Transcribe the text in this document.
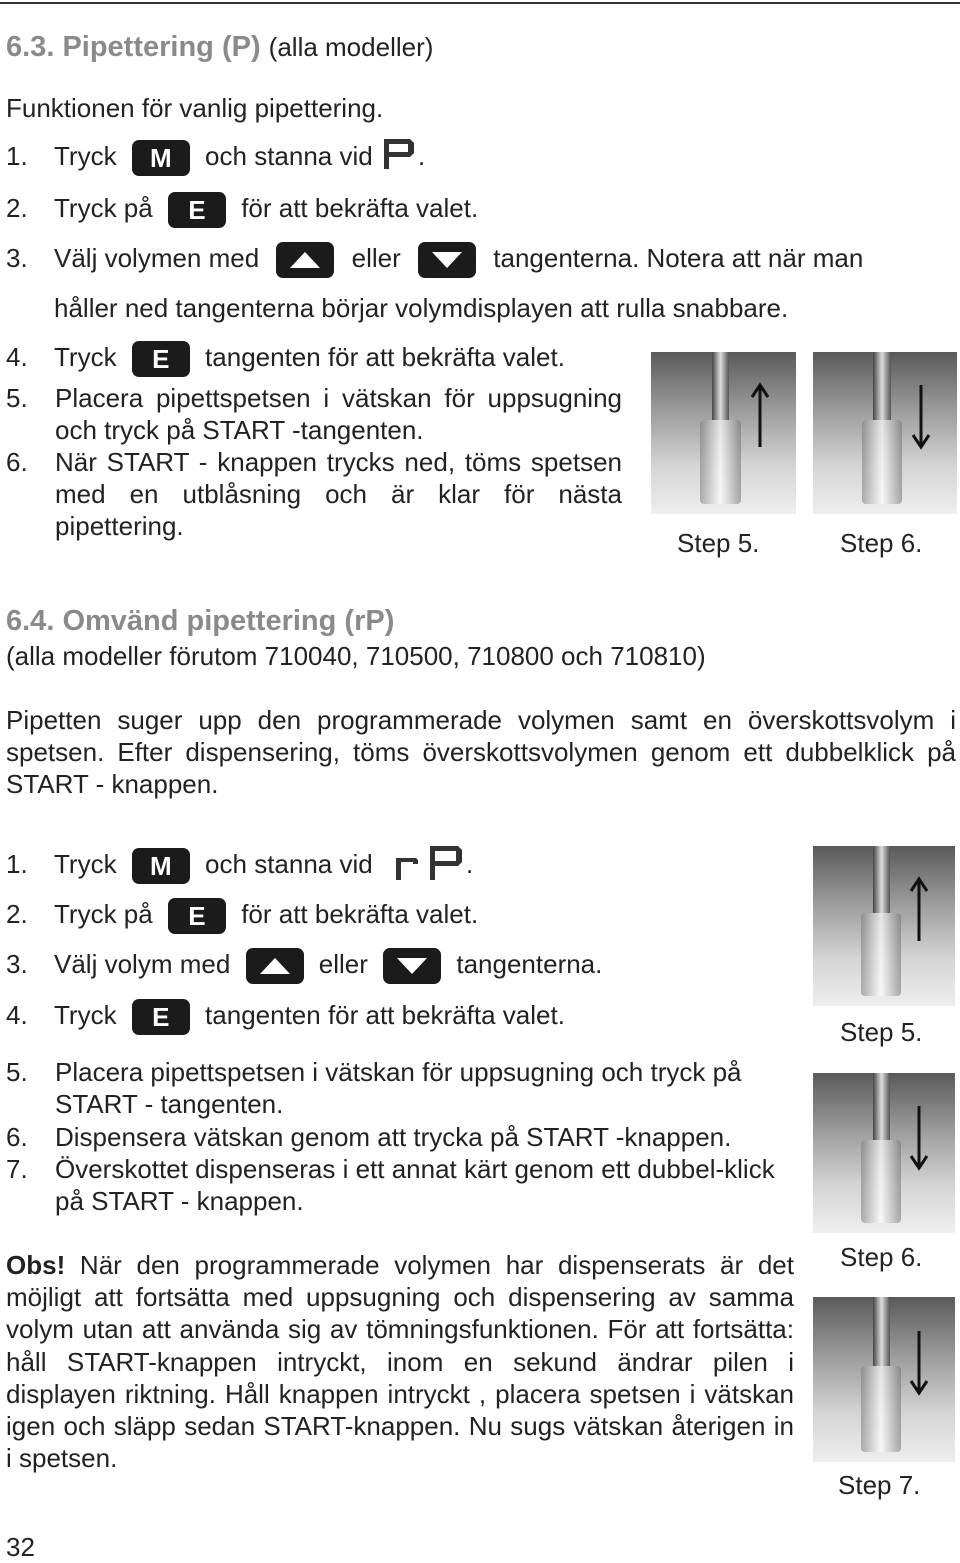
6.3. Pipettering (P) (alla modeller)
Funktionen för vanlig pipettering.
1. Tryck M och stanna vid .
2. Tryck på E för att bekräfta valet.
3. Välj volymen med	eller	tangenterna. Notera att när man
håller ned tangenterna börjar volymdisplayen att rulla snabbare.
4. Tryck E tangenten för att bekräfta valet.
5. Placera pipettspetsen i vätskan för uppsugning och tryck på START -tangenten.
6. När START - knappen trycks ned, töms spetsen med en utblåsning och är klar för nästa pipettering.
Step 5.	Step 6.
6.4. Omvänd pipettering (rP)
(alla modeller förutom 710040, 710500, 710800 och 710810)
Pipetten suger upp den programmerade volymen samt en överskottsvolym i spetsen. Efter dispensering, töms överskottsvolymen genom ett dubbelklick på START - knappen.
1. Tryck M och stanna vid	.
2. Tryck på E för att bekräfta valet.
3. Välj volym med	eller	tangenterna.
4. Tryck E tangenten för att bekräfta valet.
5. Placera pipettspetsen i vätskan för uppsugning och tryck på START - tangenten.
6. Dispensera vätskan genom att trycka på START -knappen.
7. Överskottet dispenseras i ett annat kärt genom ett dubbel-klick på START - knappen.
Obs! När den programmerade volymen har dispenserats är det möjligt att fortsätta med uppsugning och dispensering av samma volym utan att använda sig av tömningsfunktionen. För att fortsätta: håll START-knappen intryckt, inom en sekund ändrar pilen i displayen riktning. Håll knappen intryckt , placera spetsen i vätskan igen och släpp sedan START-knappen. Nu sugs vätskan återigen in i spetsen.
Step 5.
Step 6.
Step 7.
32
